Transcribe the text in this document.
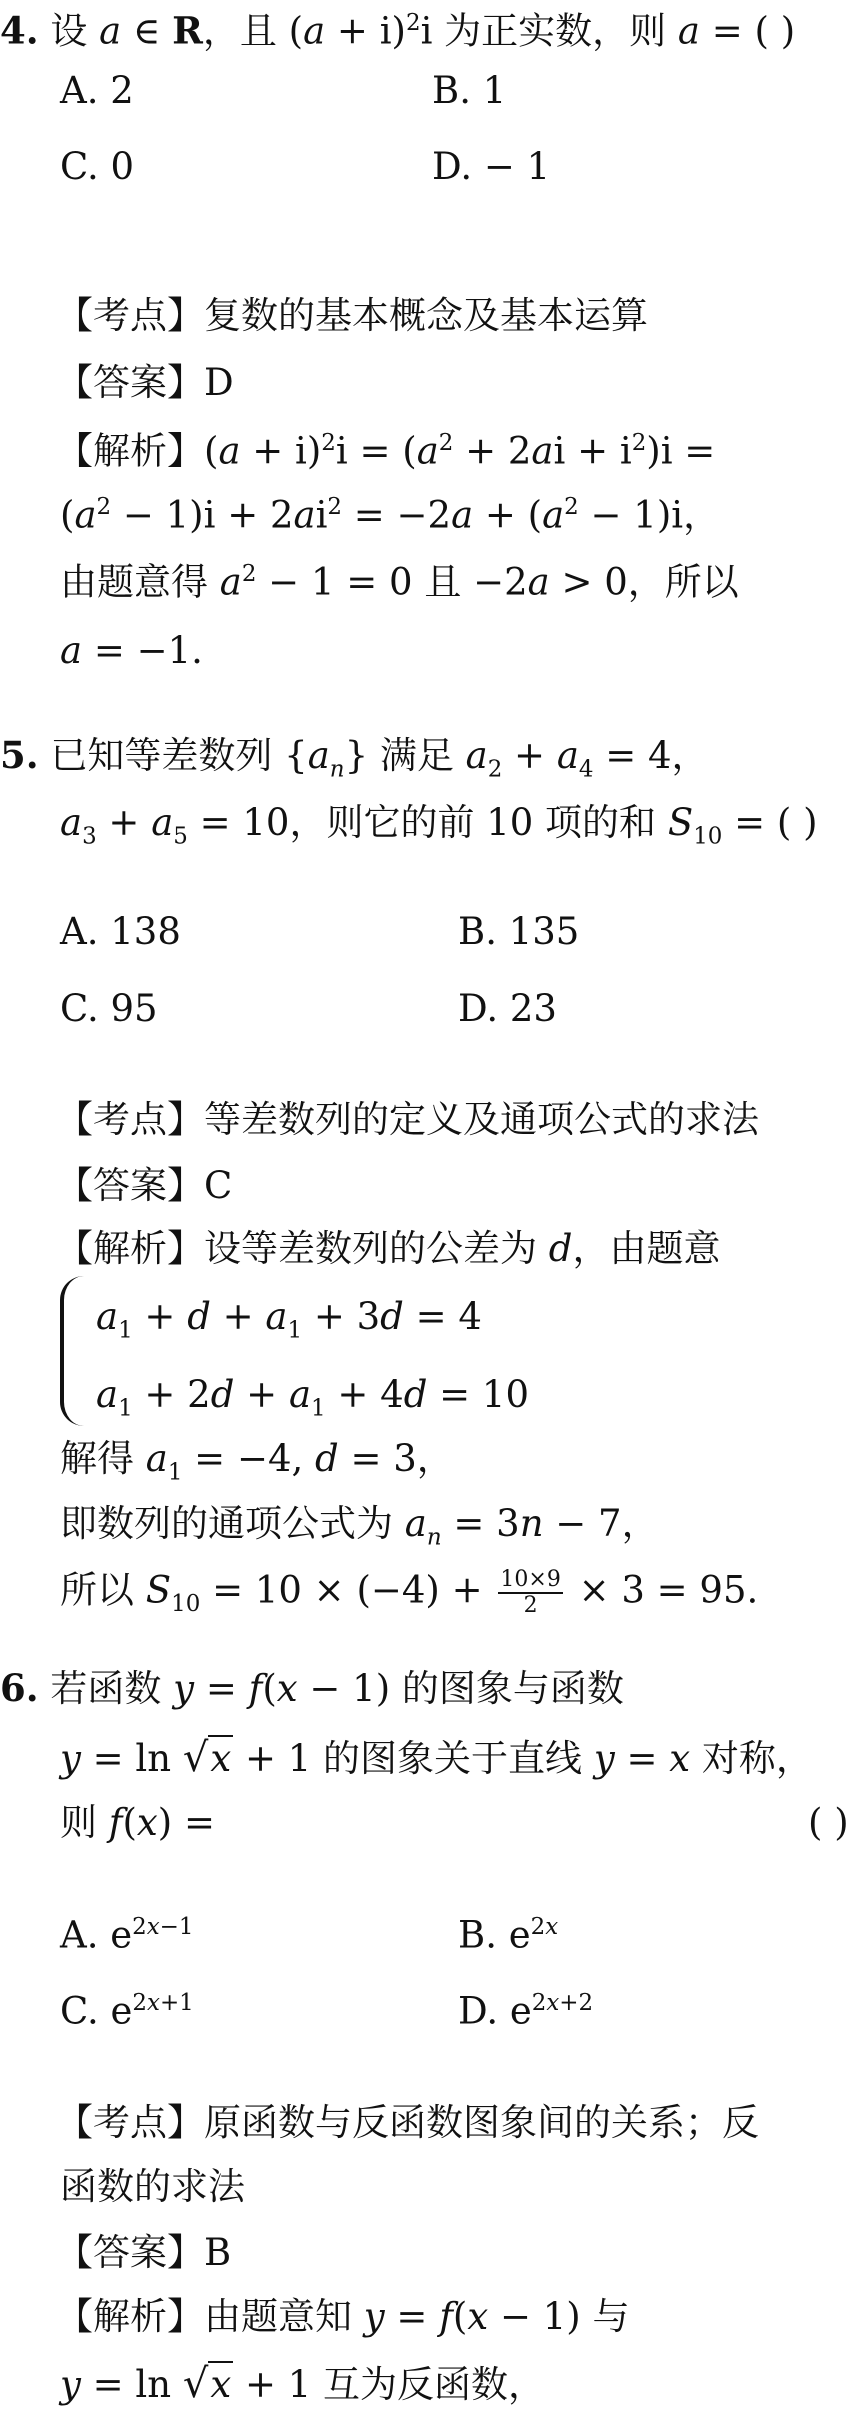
4. 设 a ∈ R，且 $(a + i)^2i$ 为正实数，则 a = ( )
A. 2	B. 1
C. 0	D. − 1
【考点】复数的基本概念及基本运算
【答案】D
【解析】$(a + i)^2i = (a^2 + 2ai + i^2)i$ =
$(a^2 - 1)i + 2ai^2 = -2a + (a^2 - 1)i$，
由题意得 $a^2 - 1 = 0$ 且 −2a > 0，所以
a = −1.
5. 已知等差数列 $\{a_n\}$ 满足 $a_2 + a_4 = 4$，
$a_3 + a_5 = 10$，则它的前 10 项的和 $S_{10}$ = ( )
A. 138	B. 135
C. 95	D. 23
【考点】等差数列的定义及通项公式的求法
【答案】C
【解析】设等差数列的公差为 d，由题意
$a_1 + d + a_1 + 3d = 4$
$a_1 + 2d + a_1 + 4d = 10$
解得 $a_1 = -4$, d = 3，
即数列的通项公式为 $a_n = 3n - 7$，
所以 $S_{10} = 10 \times (-4) + \frac{10\times 9}{2} \times 3 = 95$.
6. 若函数 y = f(x − 1) 的图象与函数
y = ln √x + 1 的图象关于直线 y = x 对称，
则 f(x) =	( )
A. $e^{2x-1}$	B. $e^{2x}$
C. $e^{2x+1}$	D. $e^{2x+2}$
【考点】原函数与反函数图象间的关系；反
函数的求法
【答案】B
【解析】由题意知 y = f(x − 1) 与
y = ln √x + 1 互为反函数，
